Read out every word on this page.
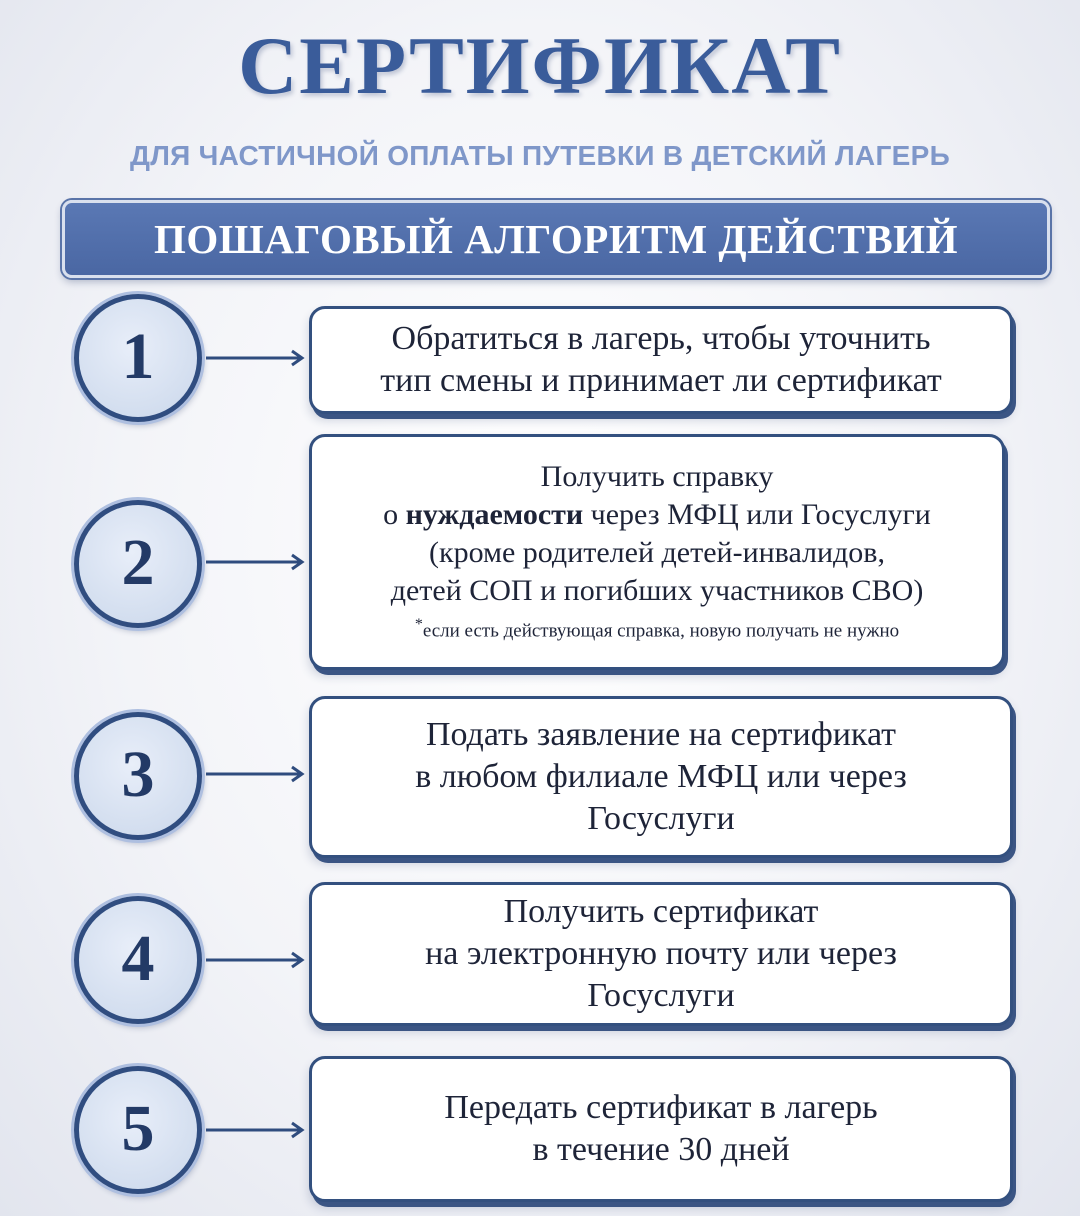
СЕРТИФИКАТ
ДЛЯ ЧАСТИЧНОЙ ОПЛАТЫ ПУТЕВКИ В ДЕТСКИЙ ЛАГЕРЬ
ПОШАГОВЫЙ АЛГОРИТМ ДЕЙСТВИЙ
1	Обратиться в лагерь, чтобы уточнить
тип смены и принимает ли сертификат
2
Получить справку
о нуждаемости через МФЦ или Госуслуги
(кроме родителей детей-инвалидов,
детей СОП и погибших участников СВО)
*если есть действующая справка, новую получать не нужно
3
Подать заявление на сертификат
в любом филиале МФЦ или через
Госуслуги
4
Получить сертификат
на электронную почту или через
Госуслуги
5	Передать сертификат в лагерь
в течение 30 дней
